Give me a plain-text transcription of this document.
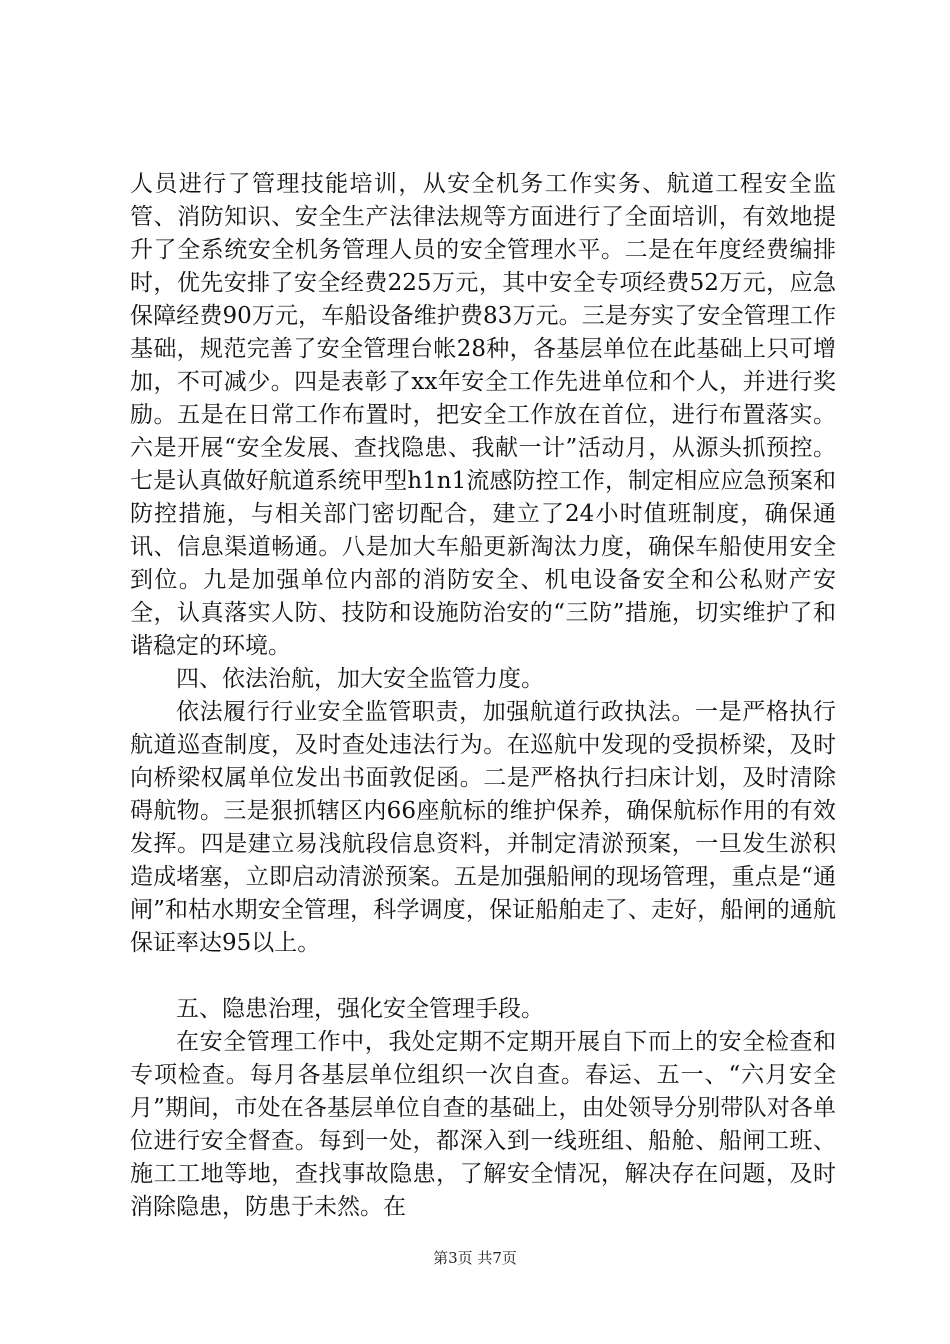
人员进行了管理技能培训，从安全机务工作实务、航道工程安全监管、消防知识、安全生产法律法规等方面进行了全面培训，有效地提升了全系统安全机务管理人员的安全管理水平。二是在年度经费编排时，优先安排了安全经费225万元，其中安全专项经费52万元，应急保障经费90万元，车船设备维护费83万元。三是夯实了安全管理工作基础，规范完善了安全管理台帐28种，各基层单位在此基础上只可增加，不可减少。四是表彰了xx年安全工作先进单位和个人，并进行奖励。五是在日常工作布置时，把安全工作放在首位，进行布置落实。六是开展“安全发展、查找隐患、我献一计”活动月，从源头抓预控。七是认真做好航道系统甲型h1n1流感防控工作，制定相应应急预案和防控措施，与相关部门密切配合，建立了24小时值班制度，确保通讯、信息渠道畅通。八是加大车船更新淘汰力度，确保车船使用安全到位。九是加强单位内部的消防安全、机电设备安全和公私财产安全，认真落实人防、技防和设施防治安的“三防”措施，切实维护了和谐稳定的环境。

四、依法治航，加大安全监管力度。

依法履行行业安全监管职责，加强航道行政执法。一是严格执行航道巡查制度，及时查处违法行为。在巡航中发现的受损桥梁，及时向桥梁权属单位发出书面敦促函。二是严格执行扫床计划，及时清除碍航物。三是狠抓辖区内66座航标的维护保养，确保航标作用的有效发挥。四是建立易浅航段信息资料，并制定清淤预案，一旦发生淤积造成堵塞，立即启动清淤预案。五是加强船闸的现场管理，重点是“通闸”和枯水期安全管理，科学调度，保证船舶走了、走好，船闸的通航保证率达95以上。

五、隐患治理，强化安全管理手段。

在安全管理工作中，我处定期不定期开展自下而上的安全检查和专项检查。每月各基层单位组织一次自查。春运、五一、“六月安全月”期间，市处在各基层单位自查的基础上，由处领导分别带队对各单位进行安全督查。每到一处，都深入到一线班组、船舱、船闸工班、施工工地等地，查找事故隐患，了解安全情况，解决存在问题，及时消除隐患，防患于未然。在

第3页 共7页
